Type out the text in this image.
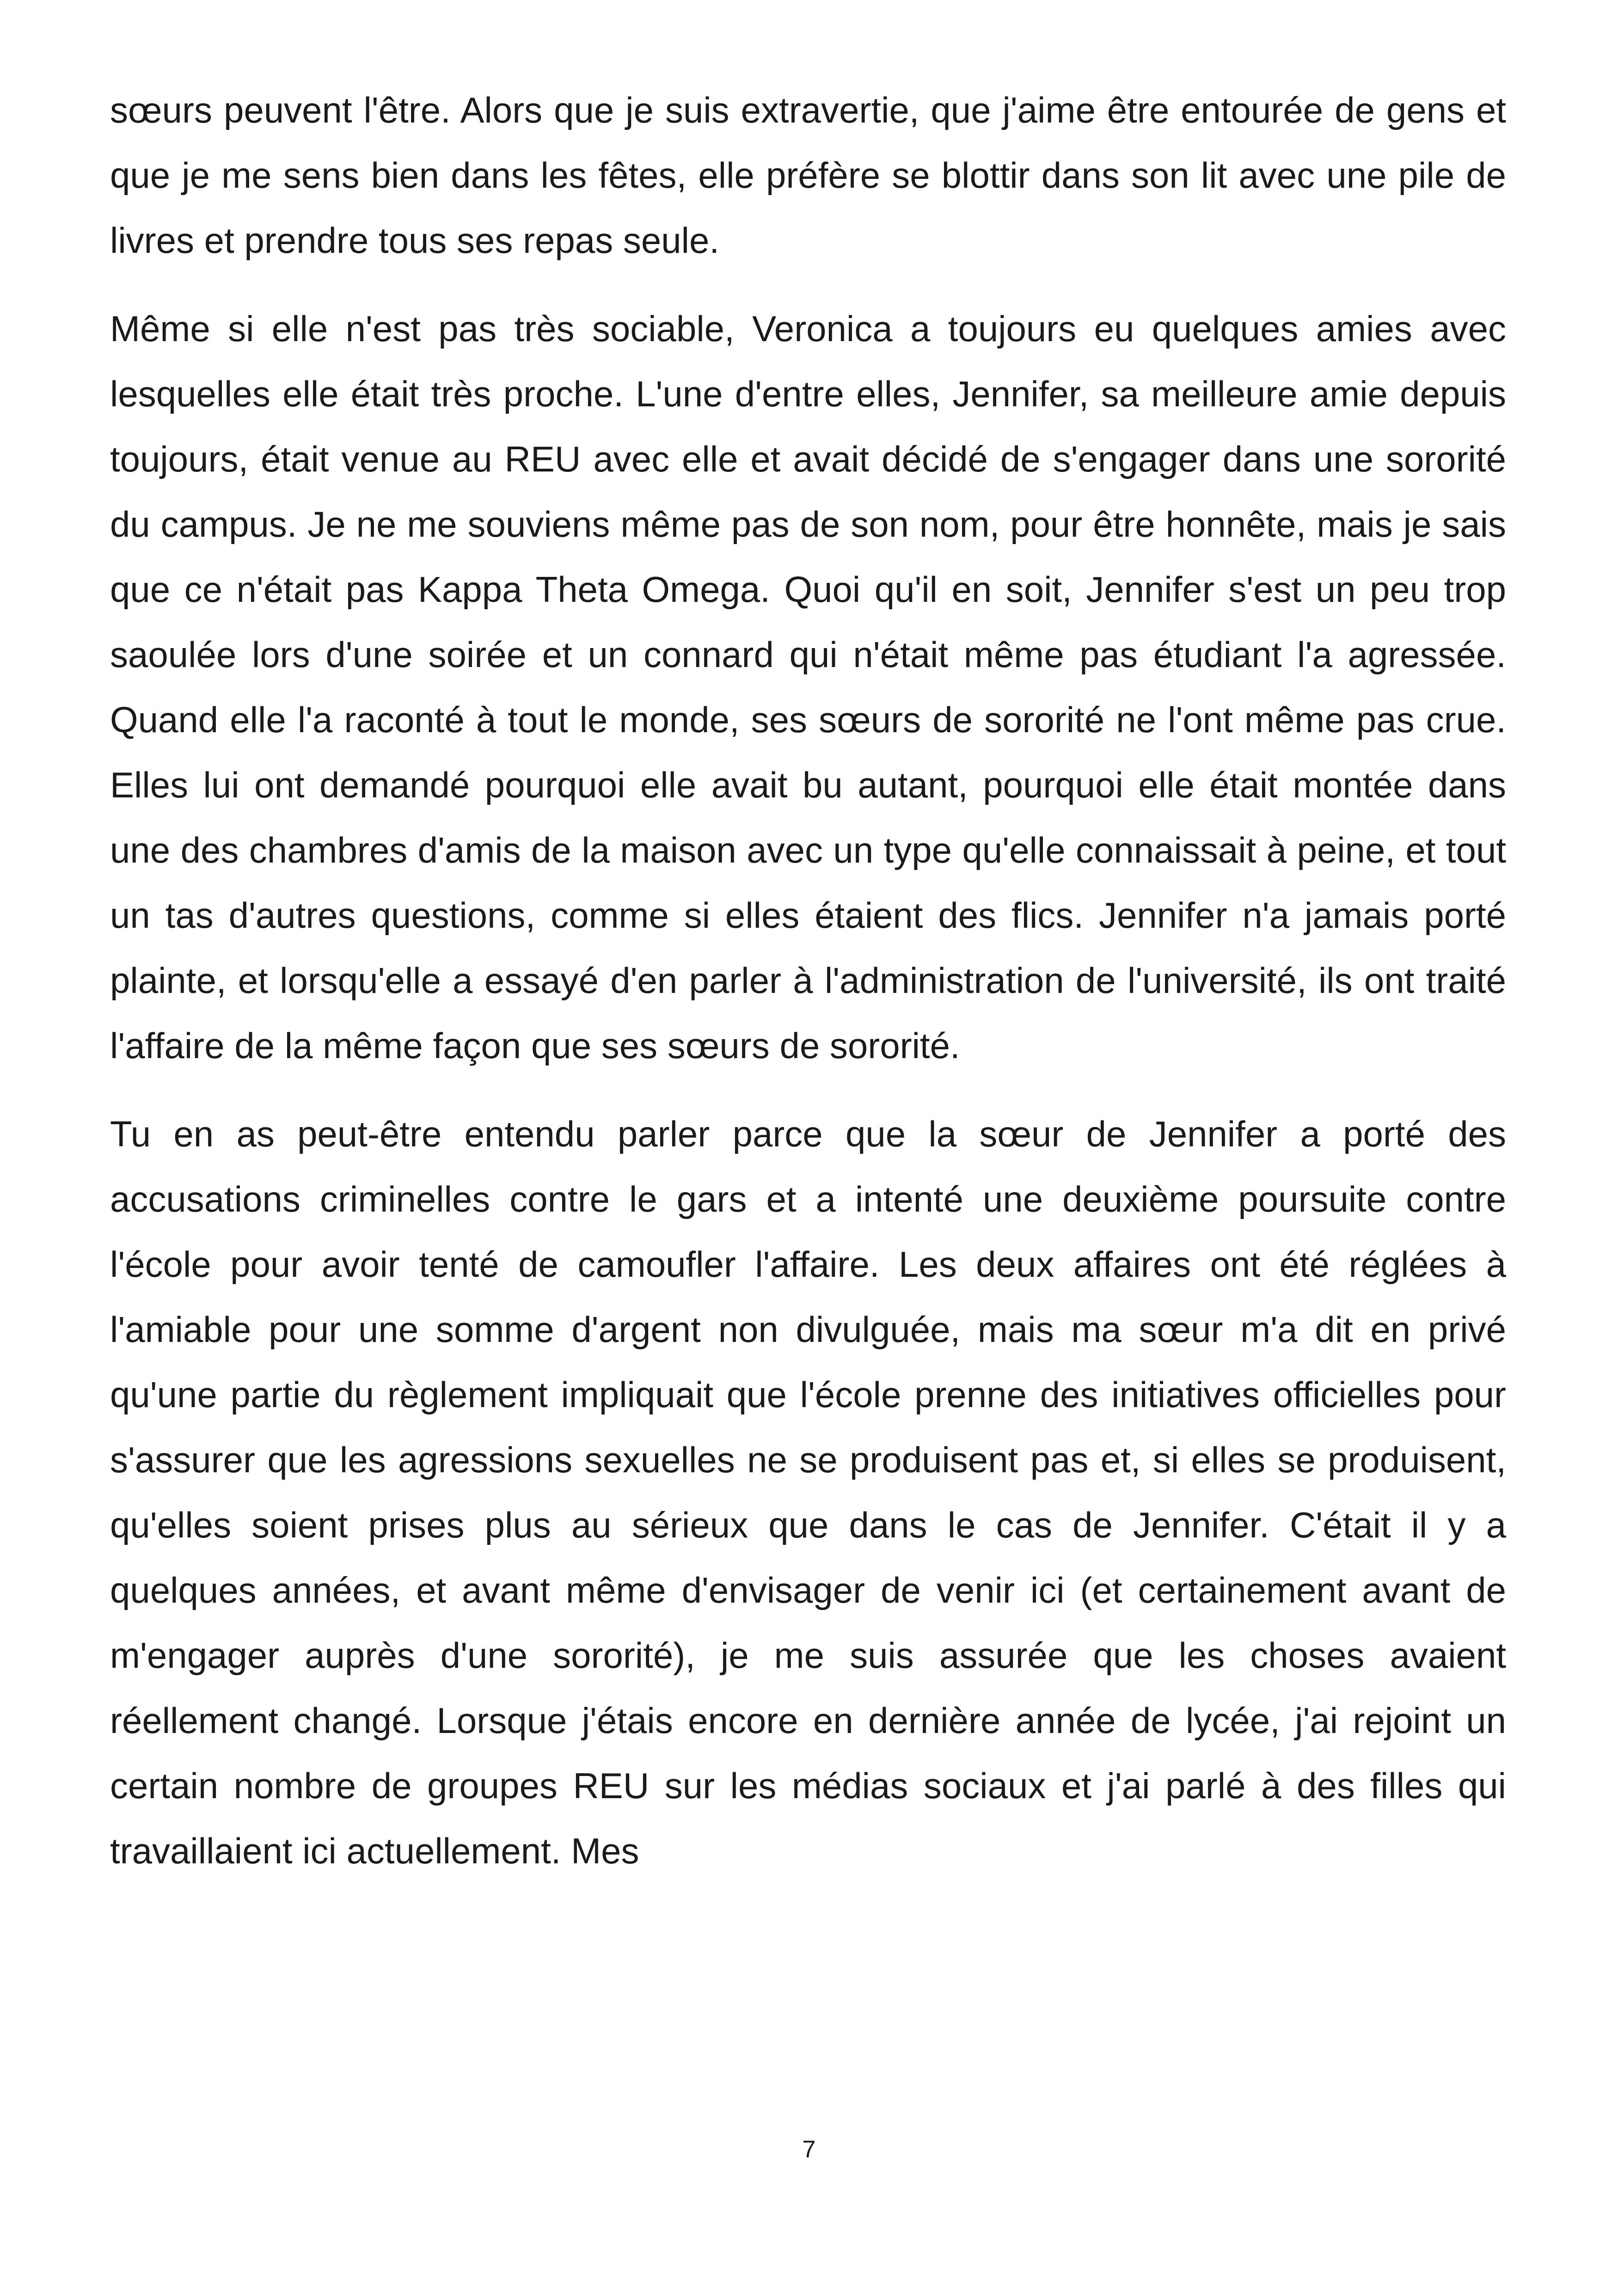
sœurs peuvent l'être. Alors que je suis extravertie, que j'aime être entourée de gens et que je me sens bien dans les fêtes, elle préfère se blottir dans son lit avec une pile de livres et prendre tous ses repas seule.

Même si elle n'est pas très sociable, Veronica a toujours eu quelques amies avec lesquelles elle était très proche. L'une d'entre elles, Jennifer, sa meilleure amie depuis toujours, était venue au REU avec elle et avait décidé de s'engager dans une sororité du campus. Je ne me souviens même pas de son nom, pour être honnête, mais je sais que ce n'était pas Kappa Theta Omega. Quoi qu'il en soit, Jennifer s'est un peu trop saoulée lors d'une soirée et un connard qui n'était même pas étudiant l'a agressée. Quand elle l'a raconté à tout le monde, ses sœurs de sororité ne l'ont même pas crue. Elles lui ont demandé pourquoi elle avait bu autant, pourquoi elle était montée dans une des chambres d'amis de la maison avec un type qu'elle connaissait à peine, et tout un tas d'autres questions, comme si elles étaient des flics. Jennifer n'a jamais porté plainte, et lorsqu'elle a essayé d'en parler à l'administration de l'université, ils ont traité l'affaire de la même façon que ses sœurs de sororité.

Tu en as peut-être entendu parler parce que la sœur de Jennifer a porté des accusations criminelles contre le gars et a intenté une deuxième poursuite contre l'école pour avoir tenté de camoufler l'affaire. Les deux affaires ont été réglées à l'amiable pour une somme d'argent non divulguée, mais ma sœur m'a dit en privé qu'une partie du règlement impliquait que l'école prenne des initiatives officielles pour s'assurer que les agressions sexuelles ne se produisent pas et, si elles se produisent, qu'elles soient prises plus au sérieux que dans le cas de Jennifer. C'était il y a quelques années, et avant même d'envisager de venir ici (et certainement avant de m'engager auprès d'une sororité), je me suis assurée que les choses avaient réellement changé. Lorsque j'étais encore en dernière année de lycée, j'ai rejoint un certain nombre de groupes REU sur les médias sociaux et j'ai parlé à des filles qui travaillaient ici actuellement. Mes

7
